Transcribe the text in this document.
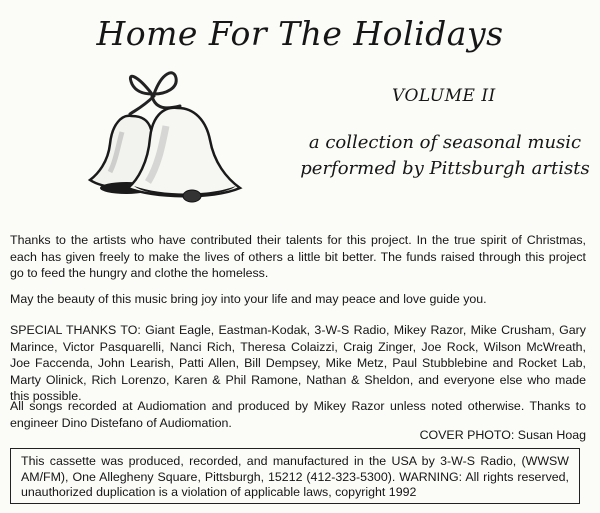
Home For The Holidays
VOLUME II
a collection of seasonal music
performed by Pittsburgh artists

Thanks to the artists who have contributed their talents for this project. In the true spirit of Christmas, each has given freely to make the lives of others a little bit better. The funds raised through this project go to feed the hungry and clothe the homeless.

May the beauty of this music bring joy into your life and may peace and love guide you.

SPECIAL THANKS TO: Giant Eagle, Eastman-Kodak, 3-W-S Radio, Mikey Razor, Mike Crusham, Gary Marince, Victor Pasquarelli, Nanci Rich, Theresa Colaizzi, Craig Zinger, Joe Rock, Wilson McWreath, Joe Faccenda, John Learish, Patti Allen, Bill Dempsey, Mike Metz, Paul Stubblebine and Rocket Lab, Marty Olinick, Rich Lorenzo, Karen & Phil Ramone, Nathan & Sheldon, and everyone else who made this possible.

All songs recorded at Audiomation and produced by Mikey Razor unless noted otherwise. Thanks to engineer Dino Distefano of Audiomation.

COVER PHOTO: Susan Hoag
This cassette was produced, recorded, and manufactured in the USA by 3-W-S Radio, (WWSW AM/FM), One Allegheny Square, Pittsburgh, 15212 (412-323-5300). WARNING: All rights reserved, unauthorized duplication is a violation of applicable laws, copyright 1992
